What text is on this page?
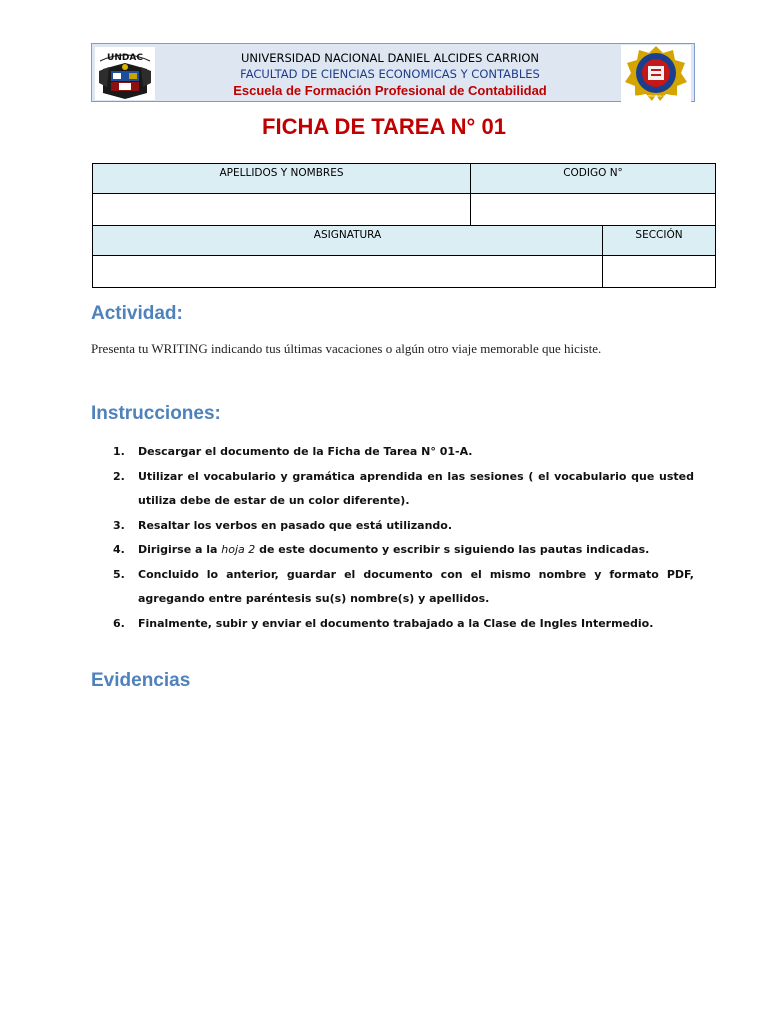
UNDAC	UNIVERSIDAD NACIONAL DANIEL ALCIDES CARRION
FACULTAD DE CIENCIAS ECONOMICAS Y CONTABLES
Escuela de Formación Profesional de Contabilidad	ESCUELA PROFESIONAL CONTABILIDAD
FICHA DE TAREA N° 01
APELLIDOS Y NOMBRES	CODIGO N°	

ASIGNATURA		SECCIÓN

Actividad:
Presenta tu WRITING indicando tus últimas vacaciones o algún otro viaje memorable que hiciste.
Instrucciones:
1. Descargar el documento de la Ficha de Tarea N° 01-A.
2. Utilizar el vocabulario y gramática aprendida en las sesiones ( el vocabulario que usted utiliza debe de estar de un color diferente).
3. Resaltar los verbos en pasado que está utilizando.
4. Dirigirse a la hoja 2 de este documento y escribir s siguiendo las pautas indicadas.
5. Concluido lo anterior, guardar el documento con el mismo nombre y formato PDF, agregando entre paréntesis su(s) nombre(s) y apellidos.
6. Finalmente, subir y enviar el documento trabajado a la Clase de Ingles Intermedio.
Evidencias
